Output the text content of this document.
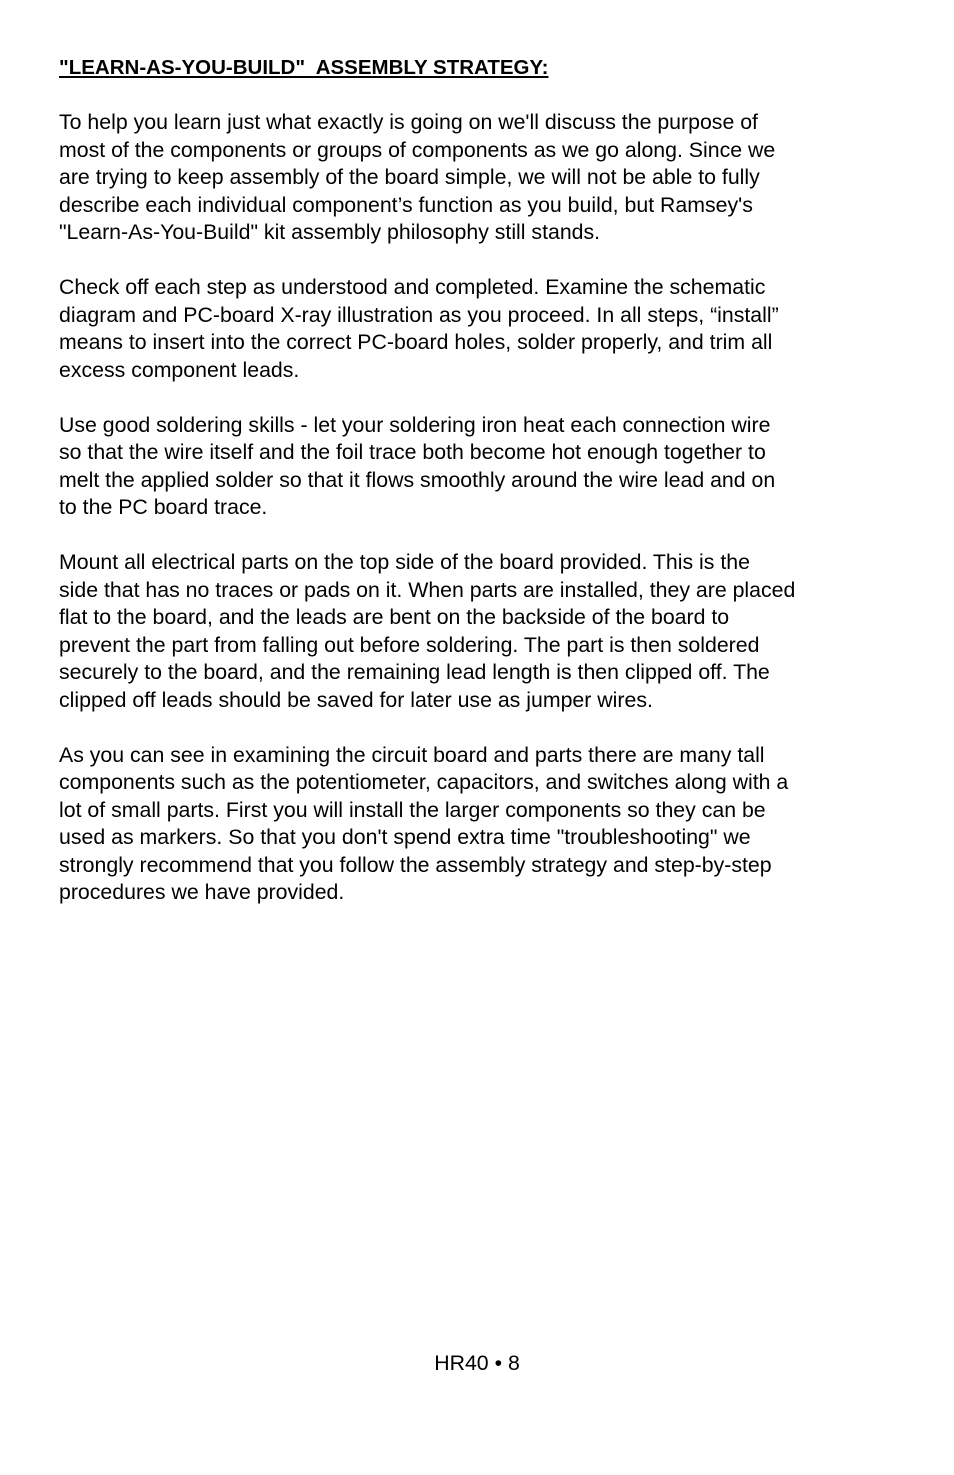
"LEARN-AS-YOU-BUILD"  ASSEMBLY STRATEGY:

To help you learn just what exactly is going on we'll discuss the purpose of
most of the components or groups of components as we go along. Since we
are trying to keep assembly of the board simple, we will not be able to fully
describe each individual component’s function as you build, but Ramsey's
"Learn-As-You-Build" kit assembly philosophy still stands.

Check off each step as understood and completed. Examine the schematic
diagram and PC-board X-ray illustration as you proceed. In all steps, “install”
means to insert into the correct PC-board holes, solder properly, and trim all
excess component leads.

Use good soldering skills - let your soldering iron heat each connection wire
so that the wire itself and the foil trace both become hot enough together to
melt the applied solder so that it flows smoothly around the wire lead and on
to the PC board trace.

Mount all electrical parts on the top side of the board provided. This is the
side that has no traces or pads on it. When parts are installed, they are placed
flat to the board, and the leads are bent on the backside of the board to
prevent the part from falling out before soldering. The part is then soldered
securely to the board, and the remaining lead length is then clipped off. The
clipped off leads should be saved for later use as jumper wires.

As you can see in examining the circuit board and parts there are many tall
components such as the potentiometer, capacitors, and switches along with a
lot of small parts. First you will install the larger components so they can be
used as markers. So that you don't spend extra time "troubleshooting" we
strongly recommend that you follow the assembly strategy and step-by-step
procedures we have provided.

HR40 • 8
